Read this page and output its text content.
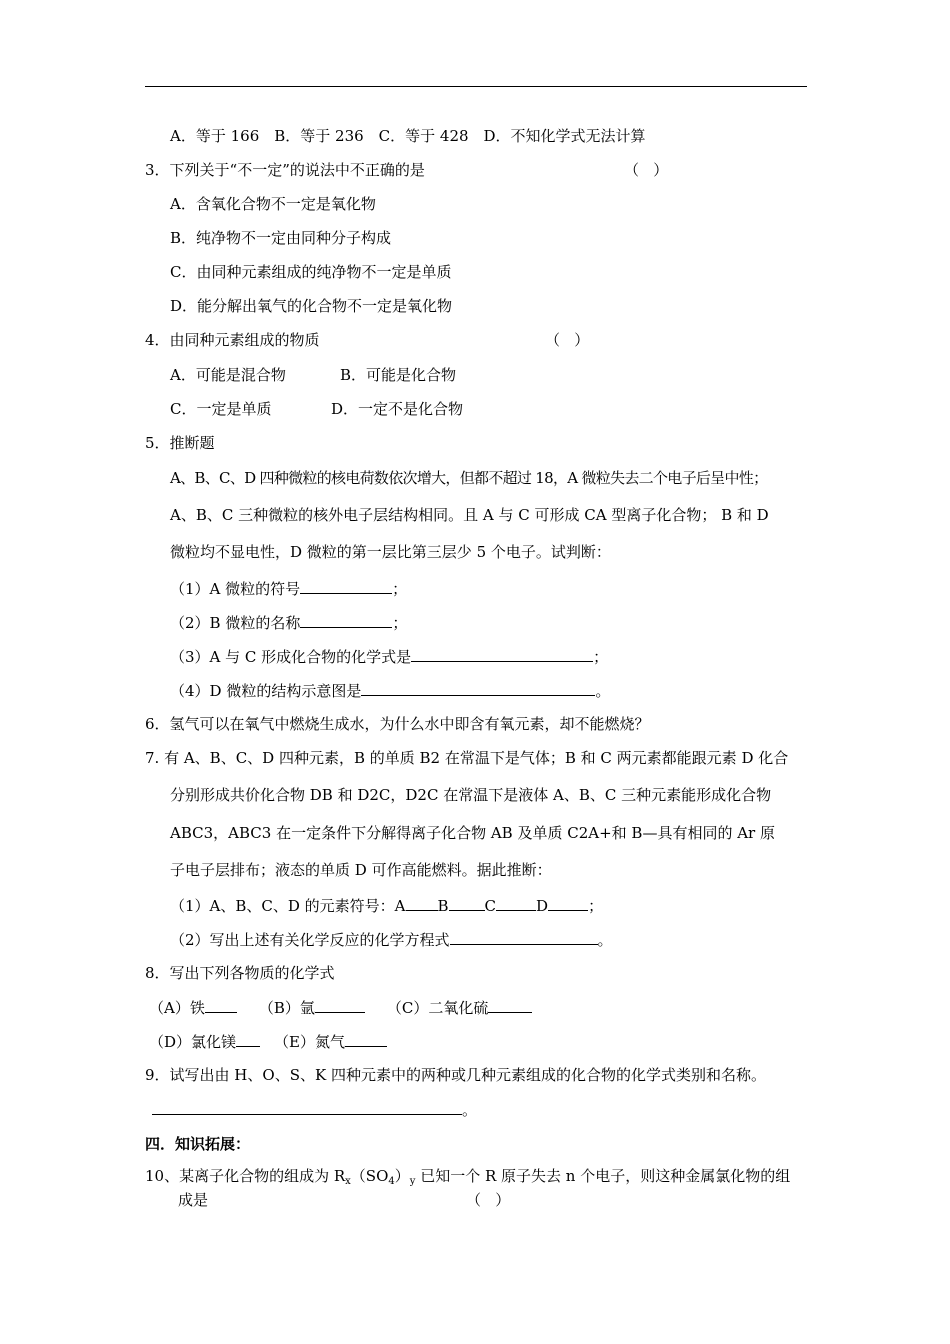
A．等于 166　B．等于 236　C．等于 428　D．不知化学式无法计算
3．下列关于“不一定”的说法中不正确的是	（   ）
A．含氧化合物不一定是氧化物
B．纯净物不一定由同种分子构成
C．由同种元素组成的纯净物不一定是单质
D．能分解出氧气的化合物不一定是氧化物
4．由同种元素组成的物质	（   ）
A．可能是混合物	B．可能是化合物
C．一定是单质	D．一定不是化合物
5．推断题
A、B、C、D 四种微粒的核电荷数依次增大，但都不超过 18，A 微粒失去二个电子后呈中性；
A、B、C 三种微粒的核外电子层结构相同。且 A 与 C 可形成 CA 型离子化合物； B 和 D
微粒均不显电性，D 微粒的第一层比第三层少 5 个电子。试判断：
（1）A 微粒的符号	；
（2）B 微粒的名称	；
（3）A 与 C 形成化合物的化学式是	；
（4）D 微粒的结构示意图是	。
6．氢气可以在氧气中燃烧生成水，为什么水中即含有氧元素，却不能燃烧？
7. 有 A、B、C、D 四种元素，B 的单质 B2 在常温下是气体；B 和 C 两元素都能跟元素 D 化合
分别形成共价化合物 DB 和 D2C，D2C 在常温下是液体 A、B、C 三种元素能形成化合物
ABC3，ABC3 在一定条件下分解得离子化合物 AB 及单质 C2A+和 B—具有相同的 Ar 原
子电子层排布；液态的单质 D 可作高能燃料。据此推断：
（1）A、B、C、D 的元素符号：A B C	D	；
（2）写出上述有关化学反应的化学方程式	。
8．写出下列各物质的化学式
（A）铁	（B）氩	（C）二氧化硫
（D）氯化镁	（E）氮气
9．试写出由 H、O、S、K 四种元素中的两种或几种元素组成的化合物的化学式类别和名称。
。
四．知识拓展：
10、某离子化合物的组成为 $R_x(SO_4)_y$ 已知一个 R 原子失去 n 个电子，则这种金属氯化物的组
成是	（   ）
